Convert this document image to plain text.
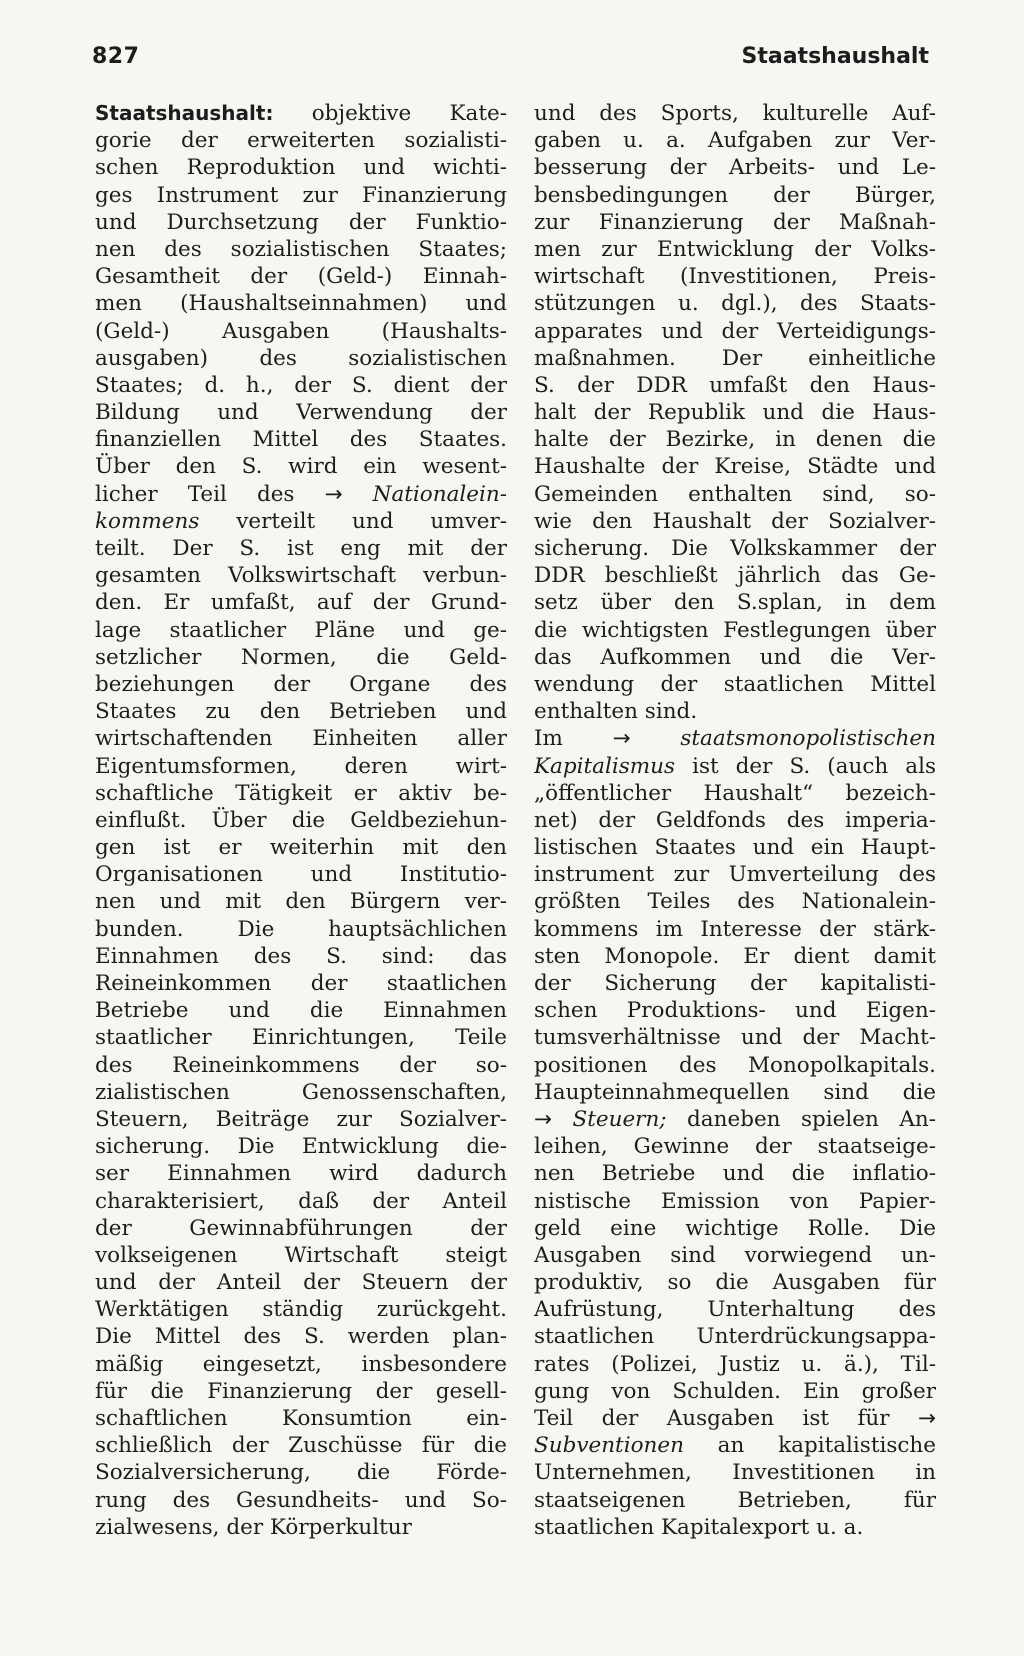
827	Staatshaushalt
Staatshaushalt: objektive Kate-
gorie der erweiterten sozialisti-
schen Reproduktion und wichti-
ges Instrument zur Finanzierung
und Durchsetzung der Funktio-
nen des sozialistischen Staates;
Gesamtheit der (Geld-) Einnah-
men (Haushaltseinnahmen) und
(Geld-) Ausgaben (Haushalts-
ausgaben) des sozialistischen
Staates; d. h., der S. dient der
Bildung und Verwendung der
finanziellen Mittel des Staates.
Über den S. wird ein wesent-
licher Teil des → Nationalein-
kommens verteilt und umver-
teilt. Der S. ist eng mit der
gesamten Volkswirtschaft verbun-
den. Er umfaßt, auf der Grund-
lage staatlicher Pläne und ge-
setzlicher Normen, die Geld-
beziehungen der Organe des
Staates zu den Betrieben und
wirtschaftenden Einheiten aller
Eigentumsformen, deren wirt-
schaftliche Tätigkeit er aktiv be-
einflußt. Über die Geldbeziehun-
gen ist er weiterhin mit den
Organisationen und Institutio-
nen und mit den Bürgern ver-
bunden. Die hauptsächlichen
Einnahmen des S. sind: das
Reineinkommen der staatlichen
Betriebe und die Einnahmen
staatlicher Einrichtungen, Teile
des Reineinkommens der so-
zialistischen Genossenschaften,
Steuern, Beiträge zur Sozialver-
sicherung. Die Entwicklung die-
ser Einnahmen wird dadurch
charakterisiert, daß der Anteil
der Gewinnabführungen der
volkseigenen Wirtschaft steigt
und der Anteil der Steuern der
Werktätigen ständig zurückgeht.
Die Mittel des S. werden plan-
mäßig eingesetzt, insbesondere
für die Finanzierung der gesell-
schaftlichen Konsumtion ein-
schließlich der Zuschüsse für die
Sozialversicherung, die Förde-
rung des Gesundheits- und So-
zialwesens, der Körperkultur
und des Sports, kulturelle Auf-
gaben u. a. Aufgaben zur Ver-
besserung der Arbeits- und Le-
bensbedingungen der Bürger,
zur Finanzierung der Maßnah-
men zur Entwicklung der Volks-
wirtschaft (Investitionen, Preis-
stützungen u. dgl.), des Staats-
apparates und der Verteidigungs-
maßnahmen. Der einheitliche
S. der DDR umfaßt den Haus-
halt der Republik und die Haus-
halte der Bezirke, in denen die
Haushalte der Kreise, Städte und
Gemeinden enthalten sind, so-
wie den Haushalt der Sozialver-
sicherung. Die Volkskammer der
DDR beschließt jährlich das Ge-
setz über den S.splan, in dem
die wichtigsten Festlegungen über
das Aufkommen und die Ver-
wendung der staatlichen Mittel
enthalten sind.
Im → staatsmonopolistischen
Kapitalismus ist der S. (auch als
„öffentlicher Haushalt“ bezeich-
net) der Geldfonds des imperia-
listischen Staates und ein Haupt-
instrument zur Umverteilung des
größten Teiles des Nationalein-
kommens im Interesse der stärk-
sten Monopole. Er dient damit
der Sicherung der kapitalisti-
schen Produktions- und Eigen-
tumsverhältnisse und der Macht-
positionen des Monopolkapitals.
Haupteinnahmequellen sind die
→ Steuern; daneben spielen An-
leihen, Gewinne der staatseige-
nen Betriebe und die inflatio-
nistische Emission von Papier-
geld eine wichtige Rolle. Die
Ausgaben sind vorwiegend un-
produktiv, so die Ausgaben für
Aufrüstung, Unterhaltung des
staatlichen Unterdrückungsappa-
rates (Polizei, Justiz u. ä.), Til-
gung von Schulden. Ein großer
Teil der Ausgaben ist für →
Subventionen an kapitalistische
Unternehmen, Investitionen in
staatseigenen Betrieben, für
staatlichen Kapitalexport u. a.
